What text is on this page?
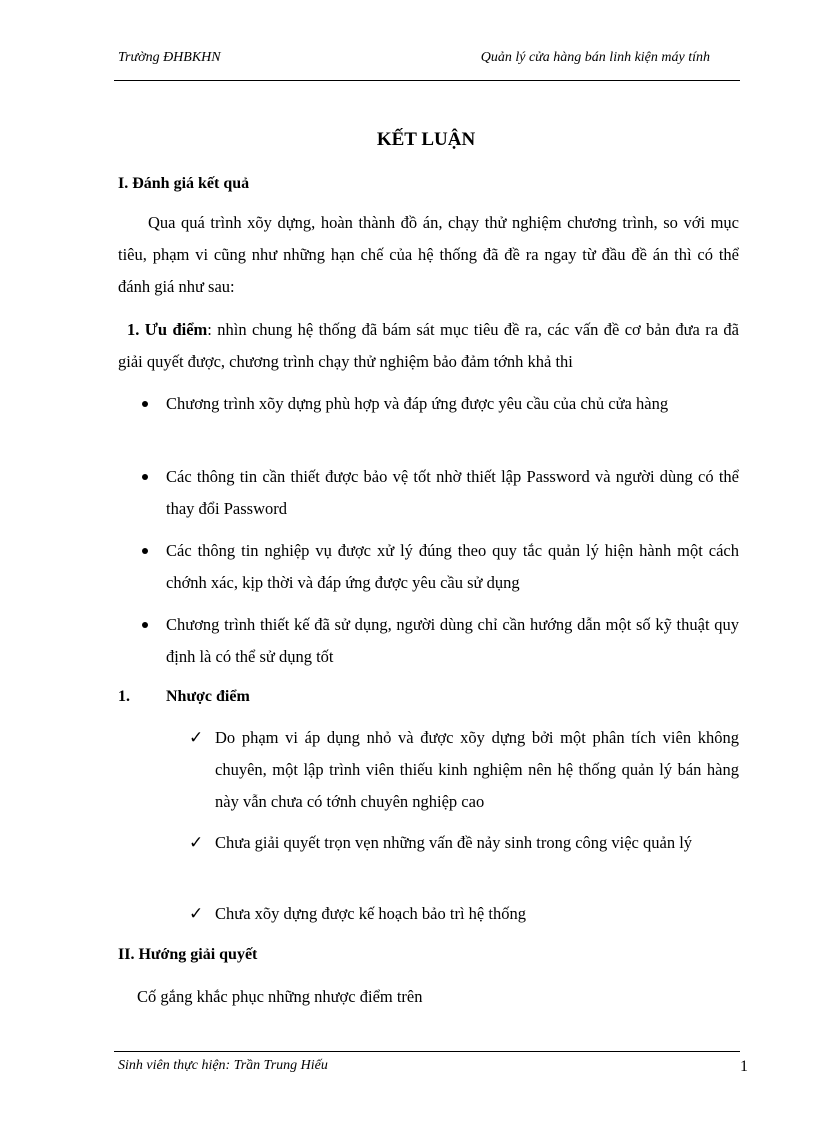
Trường ĐHBKHN	Quản lý cửa hàng bán linh kiện máy tính
KẾT LUẬN
I. Đánh giá kết quả
Qua quá trình xõy dựng, hoàn thành đồ án, chạy thử nghiệm chương trình, so với mục tiêu, phạm vi cũng như những hạn chế của hệ thống đã đề ra ngay từ đầu đề án thì có thể đánh giá như sau:
1. Ưu điểm: nhìn chung hệ thống đã bám sát mục tiêu đề ra, các vấn đề cơ bản đưa ra đã giải quyết được, chương trình chạy thử nghiệm bảo đảm tớnh khả thi
Chương trình xõy dựng phù hợp và đáp ứng được yêu cầu của chủ cửa hàng
Các thông tin cần thiết được bảo vệ tốt nhờ thiết lập Password và người dùng có thể thay đổi Password
Các thông tin nghiệp vụ được xử lý đúng theo quy tắc quản lý hiện hành một cách chớnh xác, kịp thời và đáp ứng được yêu cầu sử dụng
Chương trình thiết kế đã sử dụng, người dùng chỉ cần hướng dẫn một số kỹ thuật quy định là có thể sử dụng tốt
1. Nhược điểm
✓ Do phạm vi áp dụng nhỏ và được xõy dựng bởi một phân tích viên không chuyên, một lập trình viên thiếu kinh nghiệm nên hệ thống quản lý bán hàng này vẫn chưa có tớnh chuyên nghiệp cao
✓ Chưa giải quyết trọn vẹn những vấn đề nảy sinh trong công việc quản lý
✓ Chưa xõy dựng được kế hoạch bảo trì hệ thống
II. Hướng giải quyết
Cố gắng khắc phục những nhược điểm trên
Sinh viên thực hiện: Trần Trung Hiếu	1
